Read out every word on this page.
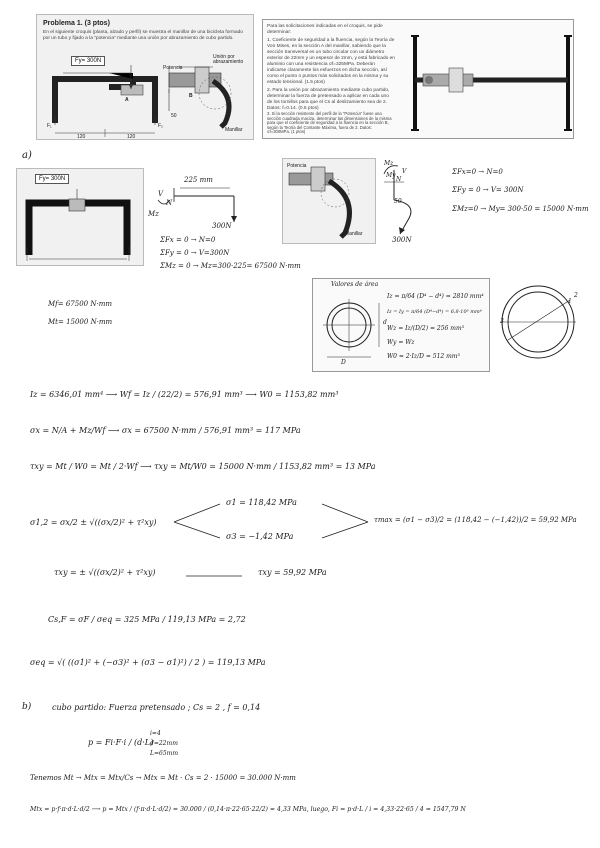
Problema 1. (3 ptos)
En el siguiente croquis (planta, alzado y perfil) se muestra el manillar de una bicicleta formado por un tubo y fijado a la "potencia" mediante una unión por abrazamiento de cubo partido.
Fy= 300N
Potencia
Unión por abrazamiento
Manillar
A
B
120	120
50
F₁	F₂
Para las solicitaciones indicadas en el croquis, se pide determinar:
1. Coeficiente de seguridad a la fluencia, según la Teoría de Von Mises, en la sección A del manillar, sabiendo que la sección transversal es un tubo circular con un diámetro exterior de 22mm y un espesor de 2mm, y está fabricado en aluminio con una resistencia σf=325MPa. Deberán indicarse claramente los esfuerzos en dicha sección, así como el punto o puntos más solicitados en la misma y su estado tensional. (1.5 ptos)
2. Para la unión por abrazamiento mediante cubo partido, determinar la fuerza de pretensado a aplicar en cada uno de los tornillos para que el Cs al deslizamiento sea de 2. Datos: f=0.14. (0.5 ptos)
3. Si la sección resistente del perfil de la "Potencia" fuese una sección cuadrada maciza, determinar las dimensiones de la misma para que el coeficiente de seguridad a la fluencia en la sección B, según la Teoría del Contante Máxima, fuera de 2. Datos: σf=300MPa. (1 ptos)
a)
Fy= 300N	225 mm
300N
V
Mz
N
ΣFx = 0 → N=0
ΣFy = 0 → V=300N
ΣMz = 0 → Mz=300·225= 67500 N·mm
Potencia
Manillar
Mz
My
V
N
50
300N
ΣFx=0 → N=0
ΣFy = 0 → V= 300N
ΣMz=0 → My= 300·50 = 15000 N·mm
Mf= 67500 N·mm
Mt= 15000 N·mm
Valores de área
D
d
Iz = π/64 (D⁴ − d⁴) = 2810 mm⁴
Iz = Iy = π/64 (D⁴−d⁴) = 6.8·10³ mm⁴
Wz = Iz/(D/2) = 256 mm³
Wy = Wz
W0 = 2·Iz/D = 512 mm³
1
2
3
Iz = 6346,01 mm⁴ ⟶ Wf = Iz / (22/2) = 576,91 mm³ ⟶ W0 = 1153,82 mm³
σx = N/A + Mz/Wf ⟶ σx = 67500 N·mm / 576,91 mm³ = 117 MPa
τxy = Mt / W0 = Mt / 2·Wf ⟶ τxy = Mt/W0 = 15000 N·mm / 1153,82 mm³ = 13 MPa
σ1,2 = σx/2 ± √((σx/2)² + τ²xy)
σ1 = 118,42 MPa
σ3 = −1,42 MPa
τmax = (σ1 − σ3)/2 = (118,42 − (−1,42))/2 = 59,92 MPa
τxy = ± √((σx/2)² + τ²xy)	τxy = 59,92 MPa
Cs,F = σF / σeq = 325 MPa / 119,13 MPa = 2,72
σeq = √( ((σ1)² + (−σ3)² + (σ3 − σ1)²) / 2 ) = 119,13 MPa
b)	cubo partido: Fuerza pretensado ; Cs = 2 , f = 0,14
p = Fi·F·i / (d·L)
i=4
d=22mm
L=65mm
Tenemos Mt → Mtx = Mtx/Cs → Mtx = Mt · Cs = 2 · 15000 = 30.000 N·mm
Mtx = p·f·π·d·L·d/2 ⟶ p = Mtx / (f·π·d·L·d/2) = 30.000 / (0,14·π·22·65·22/2) = 4,33 MPa, luego, Fi = p·d·L / i = 4,33·22·65 / 4 = 1547,79 N
